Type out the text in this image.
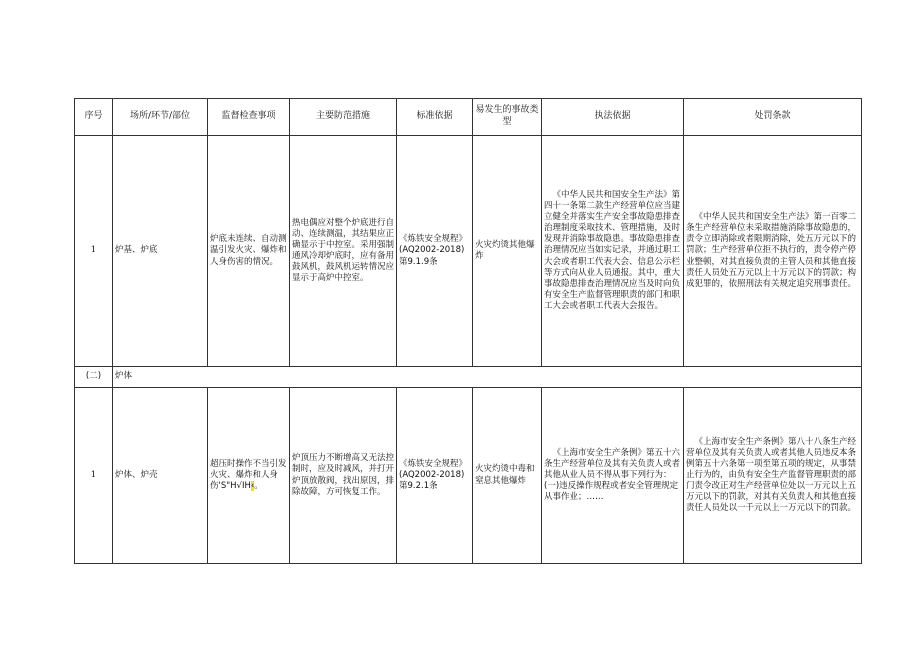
序号	场所/环节/部位	监督检查事项	主要防范措施	标准依据	易发生的事故类型	执法依据	处罚条款
1	炉基、炉底	炉底未连续、自动测温引发火灾、爆炸和人身伤害的情况。	热电偶应对整个炉底进行自动、连续测温，其结果应正确显示于中控室。采用强制通风冷却炉底时，应有备用鼓风机，鼓风机运转情况应显示于高炉中控室。	《炼铁安全规程》(AQ2002-2018)第9.1.9条	火灾灼烫其他爆炸	《中华人民共和国安全生产法》第四十一条第二款生产经营单位应当建立健全并落实生产安全事故隐患排查治理制度采取技术、管理措施，及时发现并消除事故隐患。事故隐患排查治理情况应当如实记录，并通过职工大会或者职工代表大会、信息公示栏等方式向从业人员通报。其中，重大事故隐患排查治理情况应当及时向负有安全生产监督管理职责的部门和职工大会或者职工代表大会报告。	《中华人民共和国安全生产法》第一百零二条生产经营单位未采取措施消除事故隐患的，责令立即消除或者限期消除，处五万元以下的罚款；生产经营单位拒不执行的，责令停产停业整顿，对其直接负责的主管人员和其他直接责任人员处五万元以上十万元以下的罚款；构成犯罪的，依照刑法有关规定追究刑事责任。
(二)	炉体						
1	炉体、炉壳	超压时操作不当引发火灾、爆炸和人身伤'S"H√IH‹。	炉顶压力不断增高又无法控制时，应及时减风，并打开炉顶放散阀，找出原因，排除故障，方可恢复工作。	《炼铁安全规程》(AQ2002-2018)第9.2.1条	火灾灼烫中毒和窒息其他爆炸	《上海市安全生产条例》第五十六条生产经营单位及其有关负责人或者其他从业人员不得从事下列行为：(一)违反操作规程或者安全管理规定从事作业；……	《上海市安全生产条例》第八十八条生产经营单位及其有关负责人或者其他人员违反本条例第五十六条第一项至第五项的规定，从事禁止行为的，由负有安全生产监督管理职责的部门责令改正对生产经营单位处以一万元以上五万元以下的罚款，对其有关负责人和其他直接责任人员处以一千元以上一万元以下的罚款。
